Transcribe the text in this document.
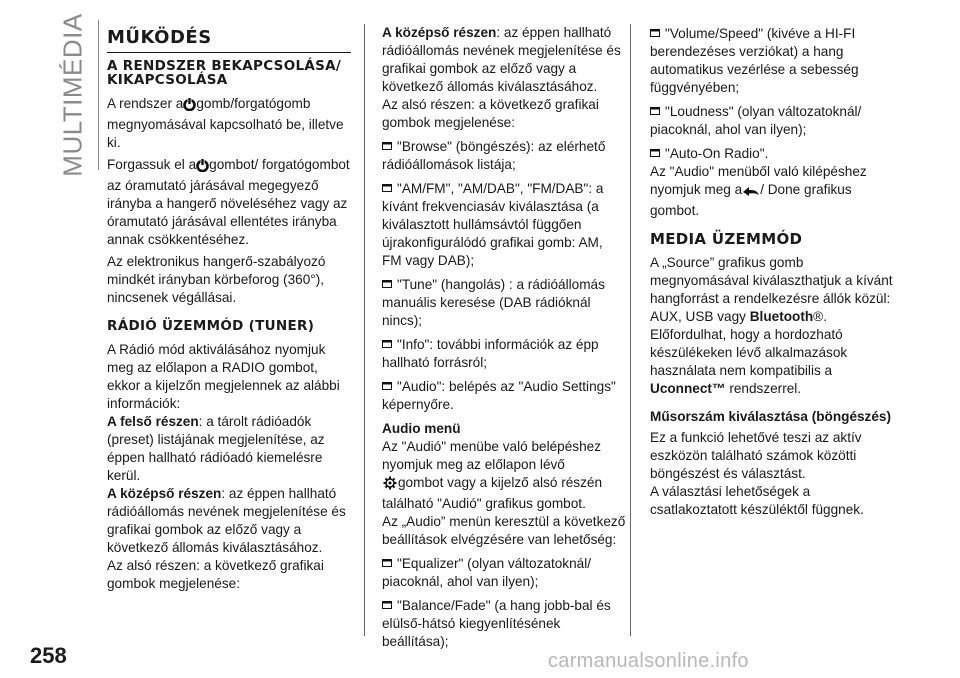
MULTIMÉDIA MŰKÖDÉS
A RENDSZER BEKAPCSOLÁSA/ KIKAPCSOLÁSA

A rendszer a gomb/forgatógomb megnyomásával kapcsolható be, illetve ki.

Forgassuk el a gombot/ forgatógombot az óramutató járásával megegyező irányba a hangerő növeléséhez vagy az óramutató járásával ellentétes irányba annak csökkentéséhez.

Az elektronikus hangerő-szabályozó mindkét irányban körbeforog (360°), nincsenek végállásai.

RÁDIÓ ÜZEMMÓD (TUNER)

A Rádió mód aktiválásához nyomjuk meg az előlapon a RADIO gombot, ekkor a kijelzőn megjelennek az alábbi információk:

A felső részen: a tárolt rádióadók (preset) listájának megjelenítése, az éppen hallható rádióadó kiemelésre kerül.

A középső részen: az éppen hallható rádióállomás nevének megjelenítése és grafikai gombok az előző vagy a következő állomás kiválasztásához.

Az alsó részen: a következő grafikai gombok megjelenése:

A középső részen: az éppen hallható rádióállomás nevének megjelenítése és grafikai gombok az előző vagy a következő állomás kiválasztásához.

Az alsó részen: a következő grafikai gombok megjelenése:

"Browse" (böngészés): az elérhető rádióállomások listája;

"AM/FM", "AM/DAB", "FM/DAB": a kívánt frekvenciasáv kiválasztása (a kiválasztott hullámsávtól függően újrakonfigurálódó grafikai gomb: AM, FM vagy DAB);

"Tune" (hangolás) : a rádióállomás manuális keresése (DAB rádióknál nincs);

"Info": további információk az épp hallható forrásról;

"Audio": belépés az "Audio Settings" képernyőre.

Audio menü

Az "Audió" menübe való belépéshez nyomjuk meg az előlapon lévő
gombot vagy a kijelző alsó részén található "Audió" grafikus gombot.

Az „Audio” menün keresztül a következő beállítások elvégzésére van lehetőség:

"Equalizer" (olyan változatoknál/ piacoknál, ahol van ilyen);

"Balance/Fade" (a hang jobb-bal és elülső-hátsó kiegyenlítésének beállítása);

"Volume/Speed" (kivéve a HI-FI berendezéses verziókat) a hang automatikus vezérlése a sebesség függvényében;

"Loudness" (olyan változatoknál/ piacoknál, ahol van ilyen);

"Auto-On Radio".

Az "Audio" menüből való kilépéshez nyomjuk meg a / Done grafikus gombot.

MEDIA ÜZEMMÓD

A „Source” grafikus gomb megnyomásával kiválaszthatjuk a kívánt hangforrást a rendelkezésre állók közül: AUX, USB vagy Bluetooth®.

Előfordulhat, hogy a hordozható készülékeken lévő alkalmazások használata nem kompatibilis a
Uconnect™ rendszerrel.

Műsorszám kiválasztása (böngészés)

Ez a funkció lehetővé teszi az aktív eszközön található számok közötti böngészést és választást.

A választási lehetőségek a csatlakoztatott készüléktől függnek.

258	carmanualsonline.info
